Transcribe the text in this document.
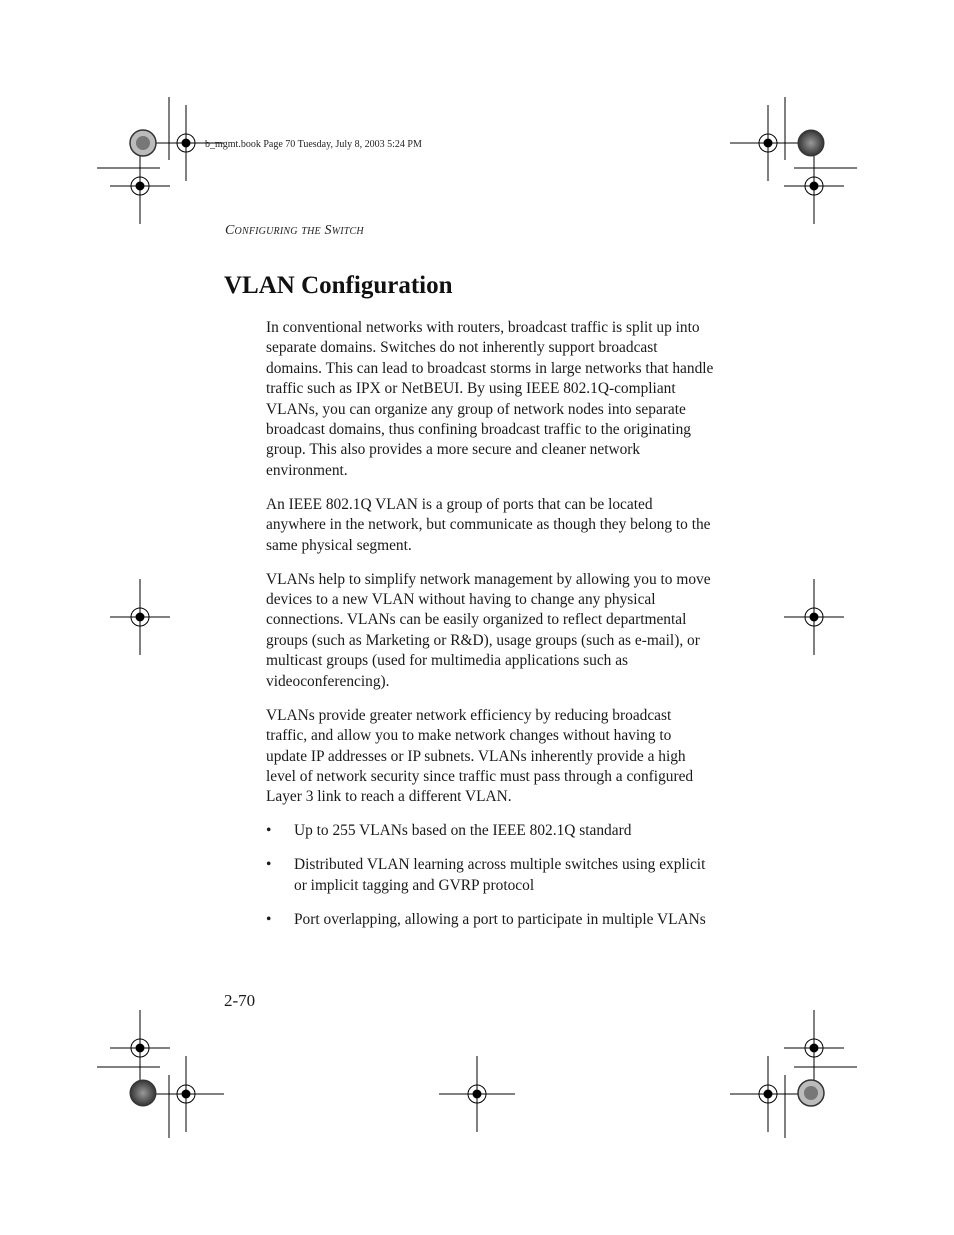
b_mgmt.book Page 70 Tuesday, July 8, 2003 5:24 PM
Configuring the Switch
VLAN Configuration

In conventional networks with routers, broadcast traffic is split up into separate domains. Switches do not inherently support broadcast domains. This can lead to broadcast storms in large networks that handle traffic such as IPX or NetBEUI. By using IEEE 802.1Q-compliant VLANs, you can organize any group of network nodes into separate broadcast domains, thus confining broadcast traffic to the originating group. This also provides a more secure and cleaner network environment.

An IEEE 802.1Q VLAN is a group of ports that can be located anywhere in the network, but communicate as though they belong to the same physical segment.

VLANs help to simplify network management by allowing you to move devices to a new VLAN without having to change any physical connections. VLANs can be easily organized to reflect departmental groups (such as Marketing or R&D), usage groups (such as e-mail), or multicast groups (used for multimedia applications such as videoconferencing).

VLANs provide greater network efficiency by reducing broadcast traffic, and allow you to make network changes without having to update IP addresses or IP subnets. VLANs inherently provide a high level of network security since traffic must pass through a configured Layer 3 link to reach a different VLAN.

• Up to 255 VLANs based on the IEEE 802.1Q standard
• Distributed VLAN learning across multiple switches using explicit or implicit tagging and GVRP protocol
• Port overlapping, allowing a port to participate in multiple VLANs
2-70
